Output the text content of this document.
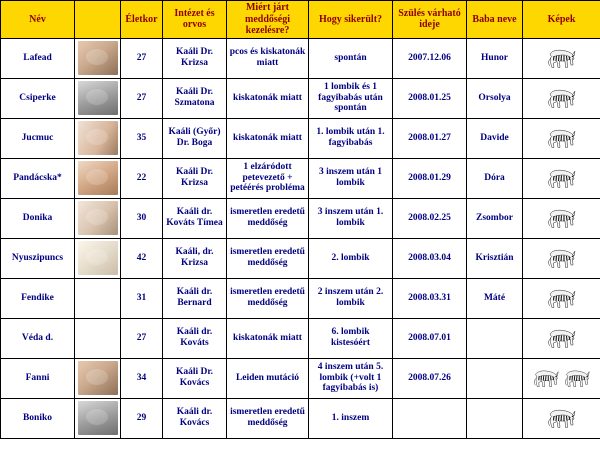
Név		Életkor	Intézet és orvos	Miért járt meddőségi kezelésre?	Hogy sikerült?	Szülés várható ideje	Baba neve	Képek
Lafead		27	Kaáli Dr. Krizsa	pcos és kiskatonák miatt	spontán	2007.12.06	Hunor	

Csiperke		27	Kaáli Dr. Szmatona	kiskatonák miatt	1 lombik és 1 fagyibabás után spontán	2008.01.25	Orsolya	

Jucmuc		35	Kaáli (Győr) Dr. Boga	kiskatonák miatt	1. lombik után 1. fagyibabás	2008.01.27	Davide	

Pandácska*		22	Kaáli Dr. Krizsa	1 elzáródott petevezető + petéérés probléma	3 inszem után 1 lombik	2008.01.29	Dóra	

Donika		30	Kaáli dr. Kováts Tímea	ismeretlen eredetű meddőség	3 inszem után 1. lombik	2008.02.25	Zsombor	

Nyuszipuncs		42	Kaáli, dr. Krizsa	ismeretlen eredetű meddőség	2. lombik	2008.03.04	Krisztián	

Fendike		31	Kaáli dr. Bernard	ismeretlen eredetű meddőség	2 inszem után 2. lombik	2008.03.31	Máté	

Véda d.		27	Kaáli dr. Kováts	kiskatonák miatt	6. lombik kistesóért	2008.07.01		

Fanni		34	Kaáli Dr. Kovács	Leiden mutáció	4 inszem után 5. lombik (+volt 1 fagyibabás is)	2008.07.26		

Boniko		29	Kaáli dr. Kovács	ismeretlen eredetű meddőség	1. inszem			
